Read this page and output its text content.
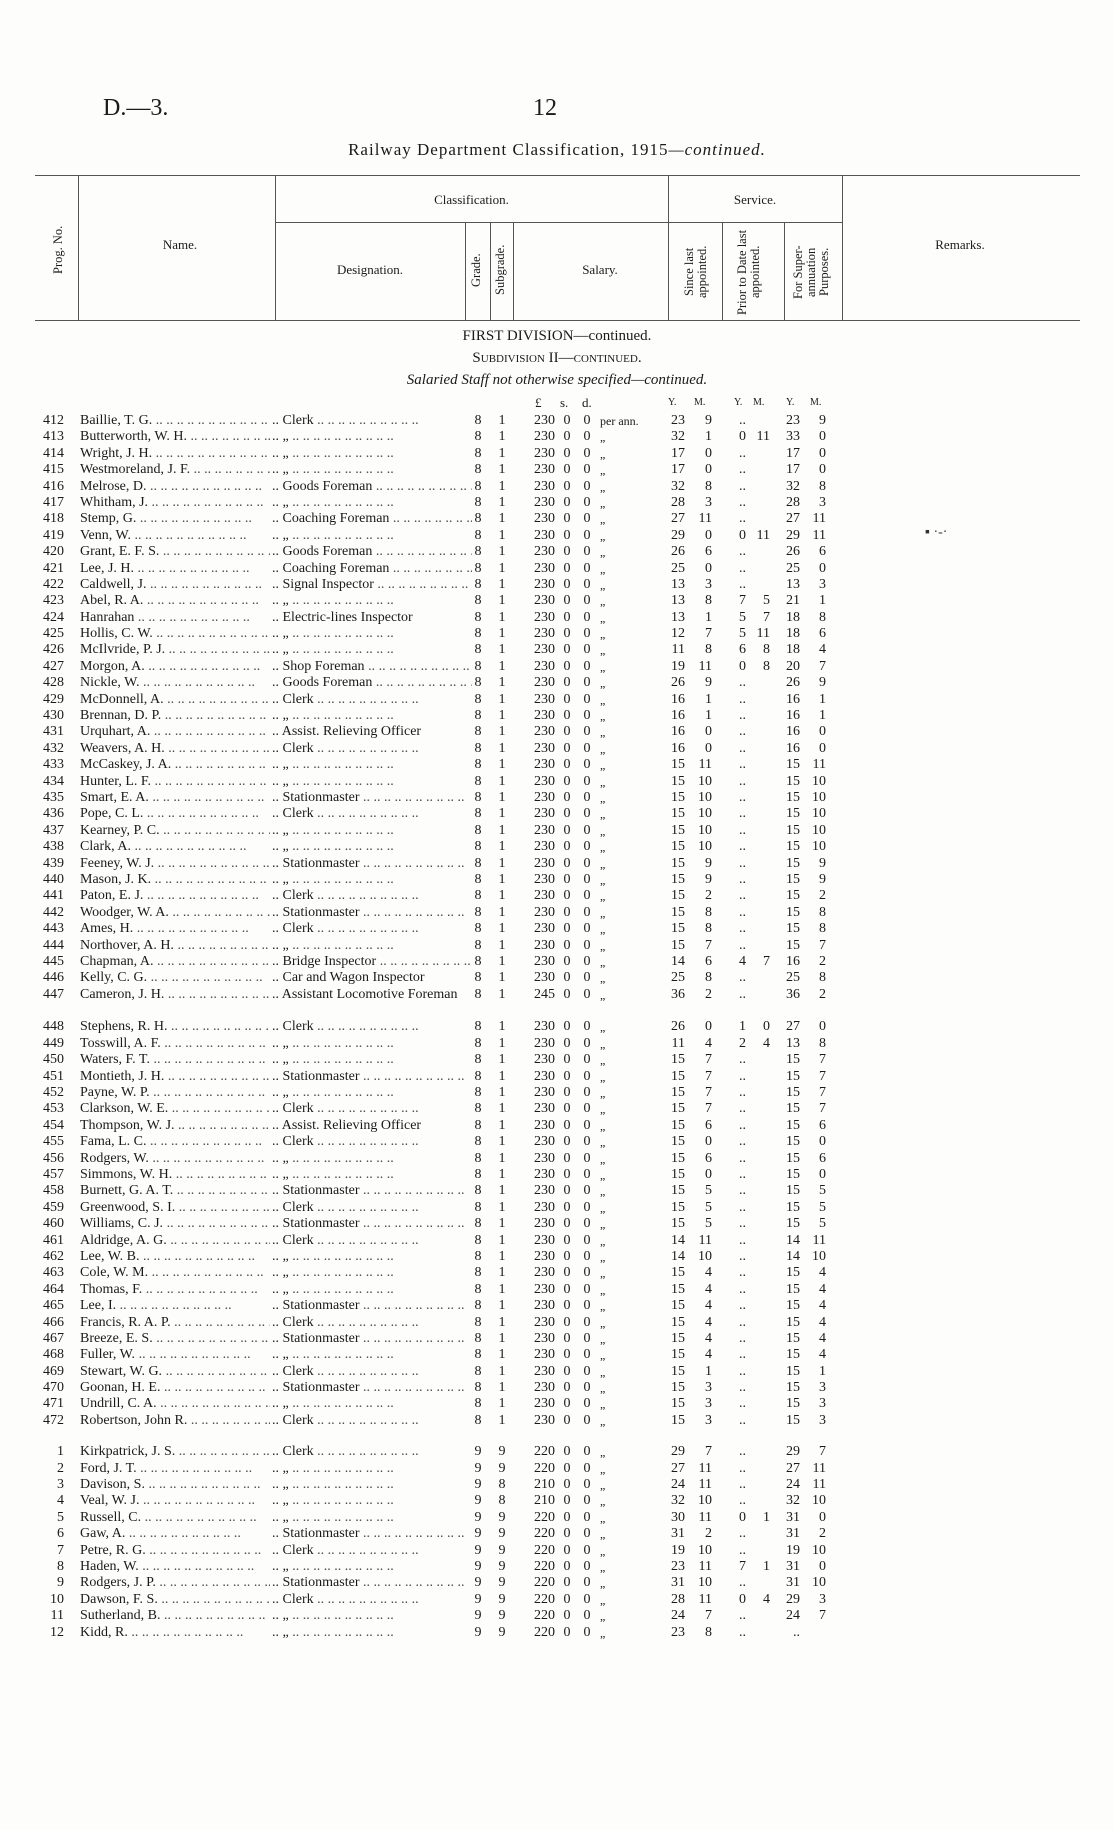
D.—3.	12
Railway Department Classification, 1915—continued.
Prog. No.	Name.
Classification.
Designation.	Grade. Subgrade.	Salary.
Service.
Since last appointed. Prior to Date last appointed.	For Super-annuation Purposes.
Remarks.
FIRST DIVISION—continued.
Subdivision II—continued.
Salaried Staff not otherwise specified—continued.
£ s. d.	Y. M.	Y. M. Y. M.
▪ ·-·
412 Baillie, T. G. .. ..	.. Clerk .. ..	8 1	230 0 0 per ann.	23	9	..	23	9
413 Butterworth, W. H. .. ..	.. „ .. ..	8 1	230 0 0 „	32	1	0 11	33	0
414 Wright, J. H. .. ..	.. „ .. ..	8 1	230 0 0 „	17	0	..	17	0
415 Westmoreland, J. F. .. ..	.. „ .. ..	8 1	230 0 0 „	17	0	..	17	0
416 Melrose, D. .. ..	.. Goods Foreman .. ..	8 1	230 0 0 „	32	8	..	32	8
417 Whitham, J. .. ..	.. „ .. ..	8 1	230 0 0 „	28	3	..	28	3
418 Stemp, G. .. ..	.. Coaching Foreman .. ..	8 1	230 0 0 „	27 11	..	27 11
419 Venn, W. .. ..	.. „ .. ..	8 1	230 0 0 „	29	0	0 11	29 11
420 Grant, E. F. S. .. ..	.. Goods Foreman .. ..	8 1	230 0 0 „	26	6	..	26	6
421 Lee, J. H. .. ..	.. Coaching Foreman .. ..	8 1	230 0 0 „	25	0	..	25	0
422 Caldwell, J. .. ..	.. Signal Inspector .. ..	8 1	230 0 0 „	13	3	..	13	3
423 Abel, R. A. .. ..	.. „ .. ..	8 1	230 0 0 „	13	8	7	5	21	1
424 Hanrahan .. ..	.. Electric-lines Inspector	8 1	230 0 0 „	13	1	5	7	18	8
425 Hollis, C. W. .. ..	.. „ .. ..	8 1	230 0 0 „	12	7	5 11	18	6
426 McIlvride, P. J. .. ..	.. „ .. ..	8 1	230 0 0 „	11	8	6	8	18	4
427 Morgon, A. .. ..	.. Shop Foreman .. ..	8 1	230 0 0 „	19 11	0	8	20	7
428 Nickle, W. .. ..	.. Goods Foreman .. ..	8 1	230 0 0 „	26	9	..	26	9
429 McDonnell, A. .. ..	.. Clerk .. ..	8 1	230 0 0 „	16	1	..	16	1
430 Brennan, D. P. .. ..	.. „ .. ..	8 1	230 0 0 „	16	1	..	16	1
431 Urquhart, A. .. ..	.. Assist. Relieving Officer	8 1	230 0 0 „	16	0	..	16	0
432 Weavers, A. H. .. ..	.. Clerk .. ..	8 1	230 0 0 „	16	0	..	16	0
433 McCaskey, J. A. .. ..	.. „ .. ..	8 1	230 0 0 „	15 11	..	15 11
434 Hunter, L. F. .. ..	.. „ .. ..	8 1	230 0 0 „	15 10	..	15 10
435 Smart, E. A. .. ..	.. Stationmaster .. ..	8 1	230 0 0 „	15 10	..	15 10
436 Pope, C. L. .. ..	.. Clerk .. ..	8 1	230 0 0 „	15 10	..	15 10
437 Kearney, P. C. .. ..	.. „ .. ..	8 1	230 0 0 „	15 10	..	15 10
438 Clark, A. .. ..	.. „ .. ..	8 1	230 0 0 „	15 10	..	15 10
439 Feeney, W. J. .. ..	.. Stationmaster .. ..	8 1	230 0 0 „	15	9	..	15	9
440 Mason, J. K. .. ..	.. „ .. ..	8 1	230 0 0 „	15	9	..	15	9
441 Paton, E. J. .. ..	.. Clerk .. ..	8 1	230 0 0 „	15	2	..	15	2
442 Woodger, W. A. .. ..	.. Stationmaster .. ..	8 1	230 0 0 „	15	8	..	15	8
443 Ames, H. .. ..	.. Clerk .. ..	8 1	230 0 0 „	15	8	..	15	8
444 Northover, A. H. .. ..	.. „ .. ..	8 1	230 0 0 „	15	7	..	15	7
445 Chapman, A. .. ..	.. Bridge Inspector .. ..	8 1	230 0 0 „	14	6	4	7	16	2
446 Kelly, C. G. .. ..	.. Car and Wagon Inspector	8 1	230 0 0 „	25	8	..	25	8
447 Cameron, J. H. .. ..	.. Assistant Locomotive Foreman	8 1	245 0 0 „	36	2	..	36	2
448 Stephens, R. H. .. ..	.. Clerk .. ..	8 1	230 0 0 „	26	0	1	0	27	0
449 Tosswill, A. F. .. ..	.. „ .. ..	8 1	230 0 0 „	11	4	2	4	13	8
450 Waters, F. T. .. ..	.. „ .. ..	8 1	230 0 0 „	15	7	..	15	7
451 Montieth, J. H. .. ..	.. Stationmaster .. ..	8 1	230 0 0 „	15	7	..	15	7
452 Payne, W. P. .. ..	.. „ .. ..	8 1	230 0 0 „	15	7	..	15	7
453 Clarkson, W. E. .. ..	.. Clerk .. ..	8 1	230 0 0 „	15	7	..	15	7
454 Thompson, W. J. .. ..	.. Assist. Relieving Officer	8 1	230 0 0 „	15	6	..	15	6
455 Fama, L. C. .. ..	.. Clerk .. ..	8 1	230 0 0 „	15	0	..	15	0
456 Rodgers, W. .. ..	.. „ .. ..	8 1	230 0 0 „	15	6	..	15	6
457 Simmons, W. H. .. ..	.. „ .. ..	8 1	230 0 0 „	15	0	..	15	0
458 Burnett, G. A. T. .. ..	.. Stationmaster .. ..	8 1	230 0 0 „	15	5	..	15	5
459 Greenwood, S. I. .. ..	.. Clerk .. ..	8 1	230 0 0 „	15	5	..	15	5
460 Williams, C. J. .. ..	.. Stationmaster .. ..	8 1	230 0 0 „	15	5	..	15	5
461 Aldridge, A. G. .. ..	.. Clerk .. ..	8 1	230 0 0 „	14 11	..	14 11
462 Lee, W. B. .. ..	.. „ .. ..	8 1	230 0 0 „	14 10	..	14 10
463 Cole, W. M. .. ..	.. „ .. ..	8 1	230 0 0 „	15	4	..	15	4
464 Thomas, F. .. ..	.. „ .. ..	8 1	230 0 0 „	15	4	..	15	4
465 Lee, I. .. ..	.. Stationmaster .. ..	8 1	230 0 0 „	15	4	..	15	4
466 Francis, R. A. P. .. ..	.. Clerk .. ..	8 1	230 0 0 „	15	4	..	15	4
467 Breeze, E. S. .. ..	.. Stationmaster .. ..	8 1	230 0 0 „	15	4	..	15	4
468 Fuller, W. .. ..	.. „ .. ..	8 1	230 0 0 „	15	4	..	15	4
469 Stewart, W. G. .. ..	.. Clerk .. ..	8 1	230 0 0 „	15	1	..	15	1
470 Goonan, H. E. .. ..	.. Stationmaster .. ..	8 1	230 0 0 „	15	3	..	15	3
471 Undrill, C. A. .. ..	.. „ .. ..	8 1	230 0 0 „	15	3	..	15	3
472 Robertson, John R. .. ..	.. Clerk .. ..	8 1	230 0 0 „	15	3	..	15	3
1 Kirkpatrick, J. S. .. ..	.. Clerk .. ..	9 9	220 0 0 „	29	7	..	29	7
2 Ford, J. T. .. ..	.. „ .. ..	9 9	220 0 0 „	27 11	..	27 11
3 Davison, S. .. ..	.. „ .. ..	9 8	210 0 0 „	24 11	..	24 11
4 Veal, W. J. .. ..	.. „ .. ..	9 8	210 0 0 „	32 10	..	32 10
5 Russell, C. .. ..	.. „ .. ..	9 9	220 0 0 „	30 11	0	1	31	0
6 Gaw, A. .. ..	.. Stationmaster .. ..	9 9	220 0 0 „	31	2	..	31	2
7 Petre, R. G. .. ..	.. Clerk .. ..	9 9	220 0 0 „	19 10	..	19 10
8 Haden, W. .. ..	.. „ .. ..	9 9	220 0 0 „	23 11	7	1	31	0
9 Rodgers, J. P. .. ..	.. Stationmaster .. ..	9 9	220 0 0 „	31 10	..	31 10
10 Dawson, F. S. .. ..	.. Clerk .. ..	9 9	220 0 0 „	28 11	0	4	29	3
11 Sutherland, B. .. ..	.. „ .. ..	9 9	220 0 0 „	24	7	..	24	7
12 Kidd, R. .. ..	.. „ .. ..	9 9	220 0 0 „	23	8	..	..
